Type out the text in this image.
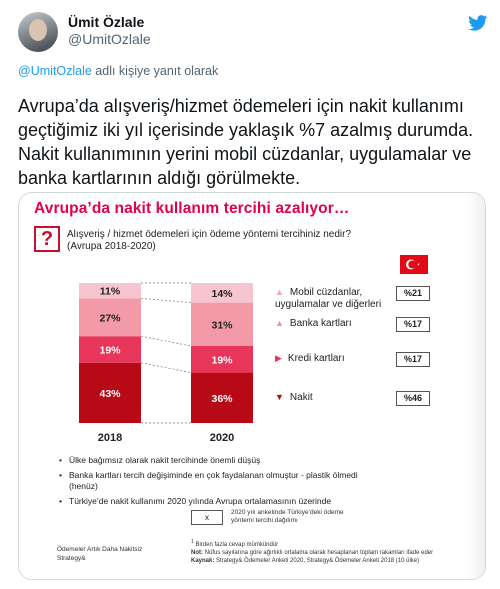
Ümit Özlale
@UmitOzlale
@UmitOzlale adlı kişiye yanıt olarak
Avrupa’da alışveriş/hizmet ödemeleri için nakit kullanımı geçtiğimiz iki yıl içerisinde yaklaşık %7 azalmış durumda. Nakit kullanımının yerini mobil cüzdanlar, uygulamalar ve banka kartlarının aldığı görülmekte.
Avrupa’da nakit kullanım tercihi azalıyor…
?	Alışveriş / hizmet ödemeleri için ödeme yöntemi tercihiniz nedir?
(Avrupa 2018-2020)
43%
19%
27%
11%
2018
36%
19%
31%
14%
2020
▲ Mobil cüzdanlar, uygulamalar ve diğerleri
%21
▲ Banka kartları	%17
▶ Kredi kartları	%17
▼ Nakit	%46
• Ülke bağımsız olarak nakit tercihinde önemli düşüş
• Banka kartları tercih değişiminde en çok faydalanan olmuştur - plastik ölmedi (henüz)
• Türkiye’de nakit kullanımı 2020 yılında Avrupa ortalamasının üzerinde
x
2020 yılı anketinde Türkiye’deki ödeme yöntemi tercihi dağılımı
Ödemeler Artık Daha Nakitsiz
Strategy&
$^1$ Birden fazla cevap mümkündür
Not: Nüfus sayılarına göre ağırlıklı ortalama olarak hesaplanan toplam rakamları ifade eder
Kaynak: Strategy& Ödemeler Anketi 2020, Strategy& Ödemeler Anketi 2018 (10 ülke)
